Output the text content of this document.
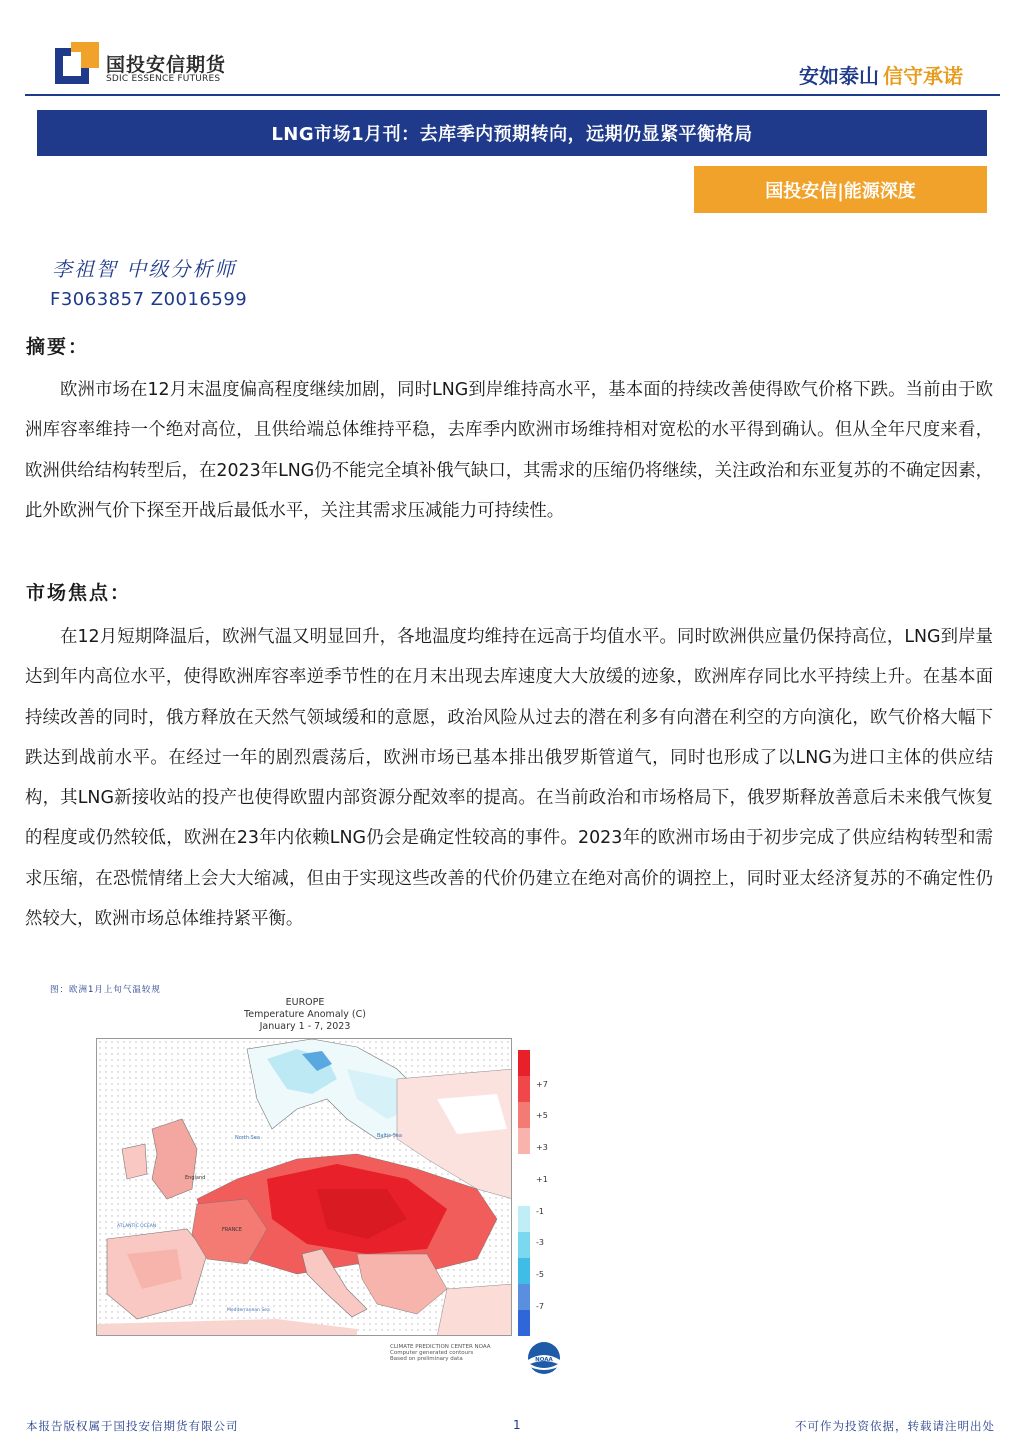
国投安信期货
SDIC ESSENCE FUTURES	安如泰山 信守承诺
LNG市场1月刊：去库季内预期转向，远期仍显紧平衡格局
国投安信|能源深度
李祖智 中级分析师
F3063857 Z0016599
摘要：

欧洲市场在12月末温度偏高程度继续加剧，同时LNG到岸维持高水平，基本面的持续改善使得欧气价格下跌。当前由于欧洲库容率维持一个绝对高位，且供给端总体维持平稳，去库季内欧洲市场维持相对宽松的水平得到确认。但从全年尺度来看，欧洲供给结构转型后，在2023年LNG仍不能完全填补俄气缺口，其需求的压缩仍将继续，关注政治和东亚复苏的不确定因素，此外欧洲气价下探至开战后最低水平，关注其需求压减能力可持续性。

市场焦点：

在12月短期降温后，欧洲气温又明显回升，各地温度均维持在远高于均值水平。同时欧洲供应量仍保持高位，LNG到岸量达到年内高位水平，使得欧洲库容率逆季节性的在月末出现去库速度大大放缓的迹象，欧洲库存同比水平持续上升。在基本面持续改善的同时，俄方释放在天然气领域缓和的意愿，政治风险从过去的潜在利多有向潜在利空的方向演化，欧气价格大幅下跌达到战前水平。在经过一年的剧烈震荡后，欧洲市场已基本排出俄罗斯管道气，同时也形成了以LNG为进口主体的供应结构，其LNG新接收站的投产也使得欧盟内部资源分配效率的提高。在当前政治和市场格局下，俄罗斯释放善意后未来俄气恢复的程度或仍然较低，欧洲在23年内依赖LNG仍会是确定性较高的事件。2023年的欧洲市场由于初步完成了供应结构转型和需求压缩，在恐慌情绪上会大大缩减，但由于实现这些改善的代价仍建立在绝对高价的调控上，同时亚太经济复苏的不确定性仍然较大，欧洲市场总体维持紧平衡。

图：欧洲1月上旬气温较规
EUROPE
Temperature Anomaly (C)
January 1 - 7, 2023
North Sea	Baltic Sea
England
FRANCE
ATLANTIC OCEAN
Mediterranean Sea
+7
+5
+3
+1
-1
-3
-5
-7
CLIMATE PREDICTION CENTER NOAA
Computer generated contours
Based on preliminary data	NOAA
本报告版权属于国投安信期货有限公司	1	不可作为投资依据，转载请注明出处
